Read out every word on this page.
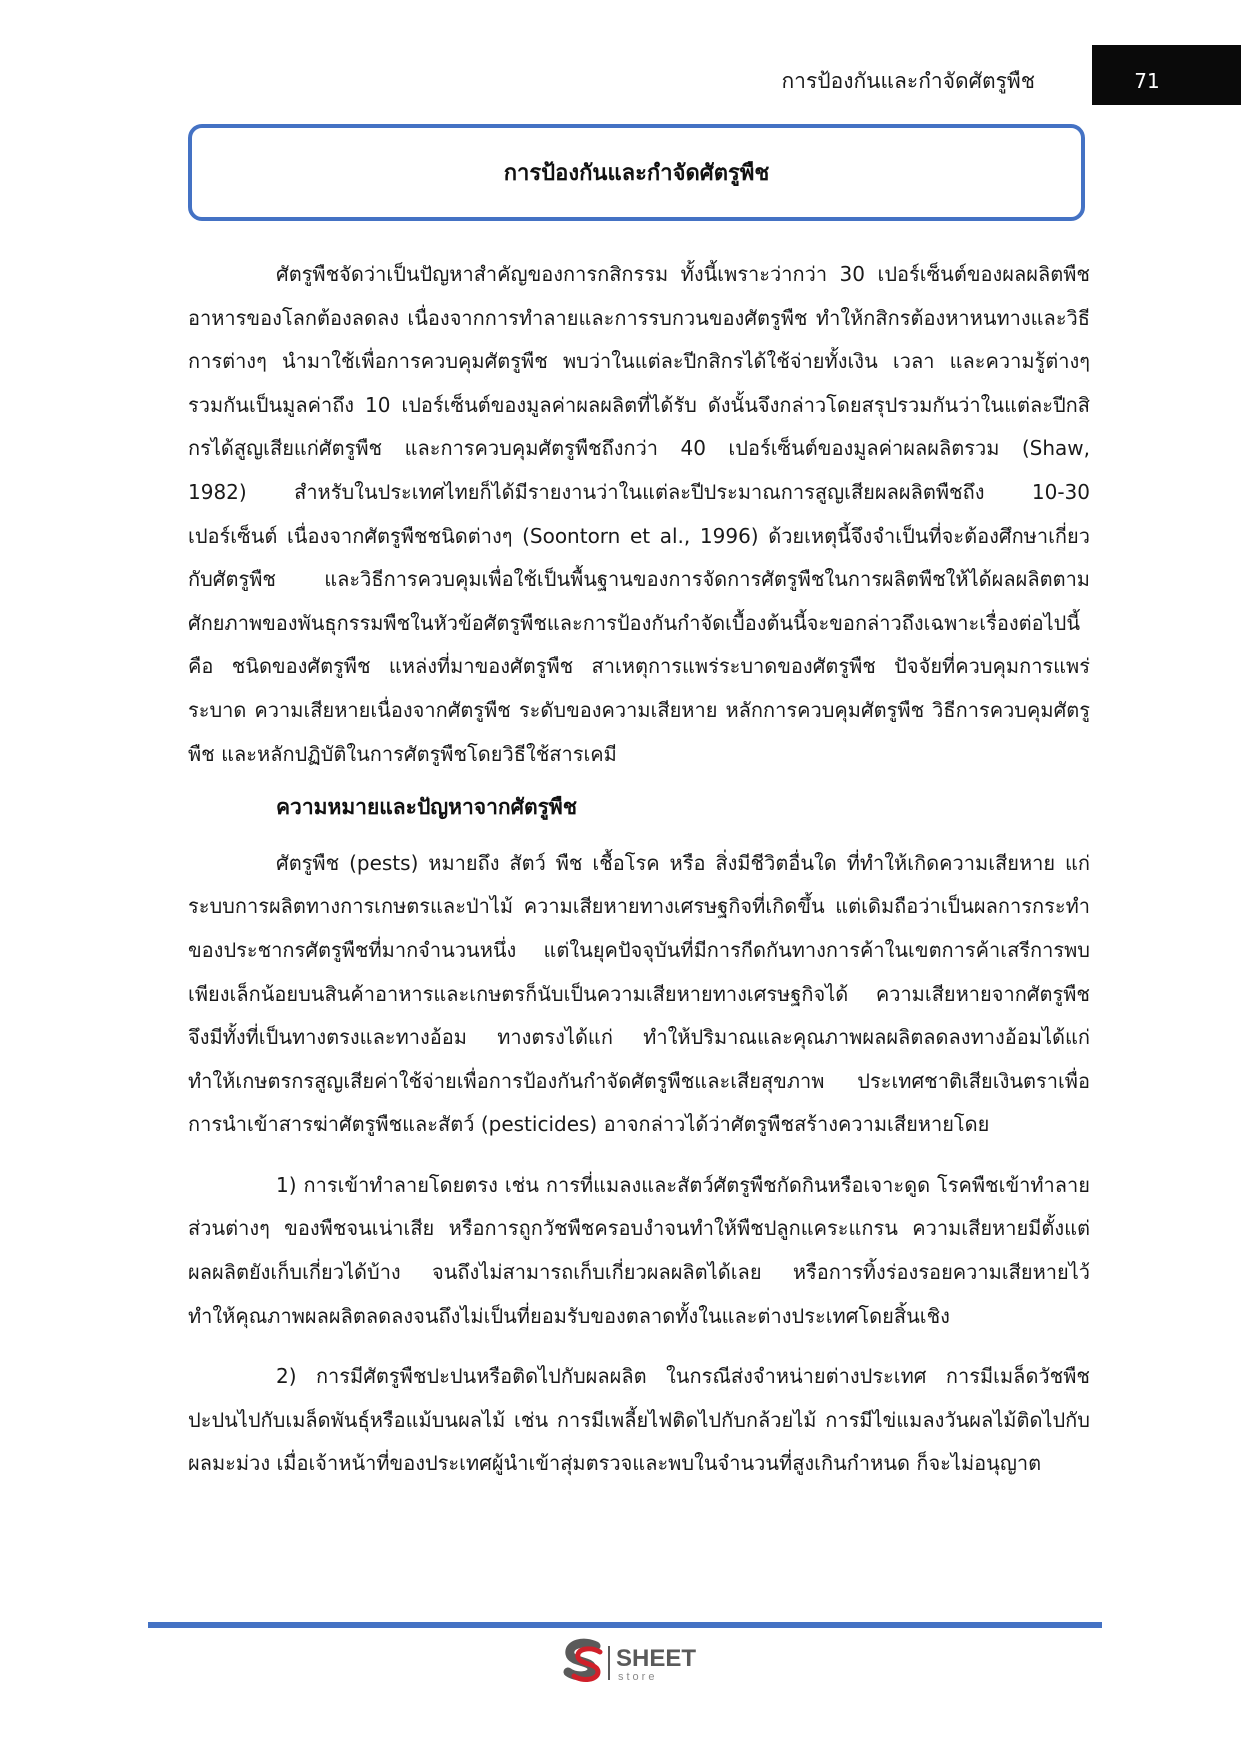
การป้องกันและกำจัดศัตรูพืช	71
การป้องกันและกำจัดศัตรูพืช

ศัตรูพืชจัดว่าเป็นปัญหาสำคัญของการกสิกรรม ทั้งนี้เพราะว่ากว่า 30 เปอร์เซ็นต์ของผลผลิตพืชอาหารของโลกต้องลดลง เนื่องจากการทำลายและการรบกวนของศัตรูพืช ทำให้กสิกรต้องหาหนทางและวิธีการต่างๆ นำมาใช้เพื่อการควบคุมศัตรูพืช พบว่าในแต่ละปีกสิกรได้ใช้จ่ายทั้งเงิน เวลา และความรู้ต่างๆ รวมกันเป็นมูลค่าถึง 10 เปอร์เซ็นต์ของมูลค่าผลผลิตที่ได้รับ ดังนั้นจึงกล่าวโดยสรุปรวมกันว่าในแต่ละปีกสิกรได้สูญเสียแก่ศัตรูพืช และการควบคุมศัตรูพืชถึงกว่า 40 เปอร์เซ็นต์ของมูลค่าผลผลิตรวม (Shaw, 1982) สำหรับในประเทศไทยก็ได้มีรายงานว่าในแต่ละปีประมาณการสูญเสียผลผลิตพืชถึง 10-30 เปอร์เซ็นต์ เนื่องจากศัตรูพืชชนิดต่างๆ (Soontorn et al., 1996) ด้วยเหตุนี้จึงจำเป็นที่จะต้องศึกษาเกี่ยวกับศัตรูพืช และวิธีการควบคุมเพื่อใช้เป็นพื้นฐานของการจัดการศัตรูพืชในการผลิตพืชให้ได้ผลผลิตตามศักยภาพของพันธุกรรมพืชในหัวข้อศัตรูพืชและการป้องกันกำจัดเบื้องต้นนี้จะขอกล่าวถึงเฉพาะเรื่องต่อไปนี้คือ ชนิดของศัตรูพืช แหล่งที่มาของศัตรูพืช สาเหตุการแพร่ระบาดของศัตรูพืช ปัจจัยที่ควบคุมการแพร่ระบาด ความเสียหายเนื่องจากศัตรูพืช ระดับของความเสียหาย หลักการควบคุมศัตรูพืช วิธีการควบคุมศัตรูพืช และหลักปฏิบัติในการศัตรูพืชโดยวิธีใช้สารเคมี

ความหมายและปัญหาจากศัตรูพืช

ศัตรูพืช (pests) หมายถึง สัตว์ พืช เชื้อโรค หรือ สิ่งมีชีวิตอื่นใด ที่ทำให้เกิดความเสียหาย แก่ระบบการผลิตทางการเกษตรและป่าไม้ ความเสียหายทางเศรษฐกิจที่เกิดขึ้น แต่เดิมถือว่าเป็นผลการกระทำของประชากรศัตรูพืชที่มากจำนวนหนึ่ง แต่ในยุคปัจจุบันที่มีการกีดกันทางการค้าในเขตการค้าเสรีการพบเพียงเล็กน้อยบนสินค้าอาหารและเกษตรก็นับเป็นความเสียหายทางเศรษฐกิจได้ ความเสียหายจากศัตรูพืช จึงมีทั้งที่เป็นทางตรงและทางอ้อม ทางตรงได้แก่ ทำให้ปริมาณและคุณภาพผลผลิตลดลงทางอ้อมได้แก่ ทำให้เกษตรกรสูญเสียค่าใช้จ่ายเพื่อการป้องกันกำจัดศัตรูพืชและเสียสุขภาพ ประเทศชาติเสียเงินตราเพื่อการนำเข้าสารฆ่าศัตรูพืชและสัตว์ (pesticides) อาจกล่าวได้ว่าศัตรูพืชสร้างความเสียหายโดย

1) การเข้าทำลายโดยตรง เช่น การที่แมลงและสัตว์ศัตรูพืชกัดกินหรือเจาะดูด โรคพืชเข้าทำลายส่วนต่างๆ ของพืชจนเน่าเสีย หรือการถูกวัชพืชครอบงำจนทำให้พืชปลูกแคระแกรน ความเสียหายมีตั้งแต่ผลผลิตยังเก็บเกี่ยวได้บ้าง จนถึงไม่สามารถเก็บเกี่ยวผลผลิตได้เลย หรือการทิ้งร่องรอยความเสียหายไว้ ทำให้คุณภาพผลผลิตลดลงจนถึงไม่เป็นที่ยอมรับของตลาดทั้งในและต่างประเทศโดยสิ้นเชิง

2) การมีศัตรูพืชปะปนหรือติดไปกับผลผลิต ในกรณีส่งจำหน่ายต่างประเทศ การมีเมล็ดวัชพืชปะปนไปกับเมล็ดพันธุ์หรือแม้บนผลไม้ เช่น การมีเพลี้ยไฟติดไปกับกล้วยไม้ การมีไข่แมลงวันผลไม้ติดไปกับผลมะม่วง เมื่อเจ้าหน้าที่ของประเทศผู้นำเข้าสุ่มตรวจและพบในจำนวนที่สูงเกินกำหนด ก็จะไม่อนุญาต

SHEET
store
